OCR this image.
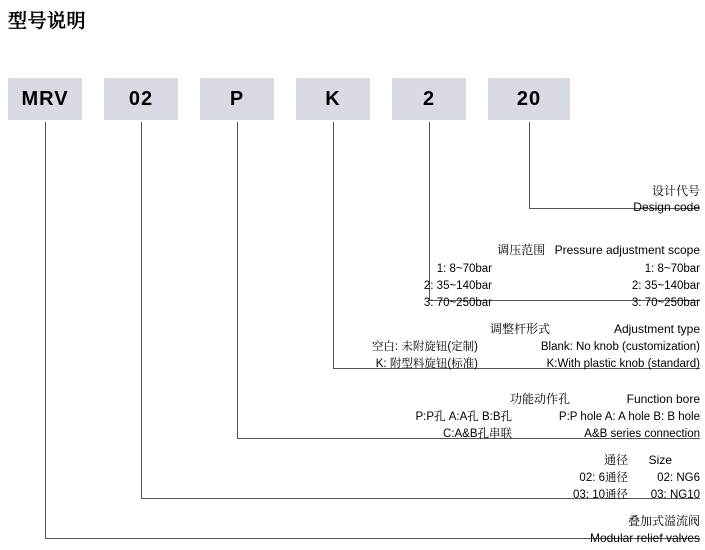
型号说明
MRV	02	P	K	2	20
设计代号
Design code
调压范围 Pressure adjustment scope
1: 8~70bar	1: 8~70bar
2: 35~140bar	2: 35~140bar
3: 70~250bar	3: 70~250bar
调整杆形式	Adjustment type
空白: 未附旋钮(定制)	Blank: No knob (customization)
K: 附型料旋钮(标准)	K:With plastic knob (standard)
功能动作孔	Function bore
P:P孔 A:A孔 B:B孔	P:P hole A: A hole B: B hole
C:A&B孔串联	A&B series connection
通径 Size
02: 6通径	02: NG6
03: 10通径 03: NG10
叠加式溢流阀
Modular relief valves
